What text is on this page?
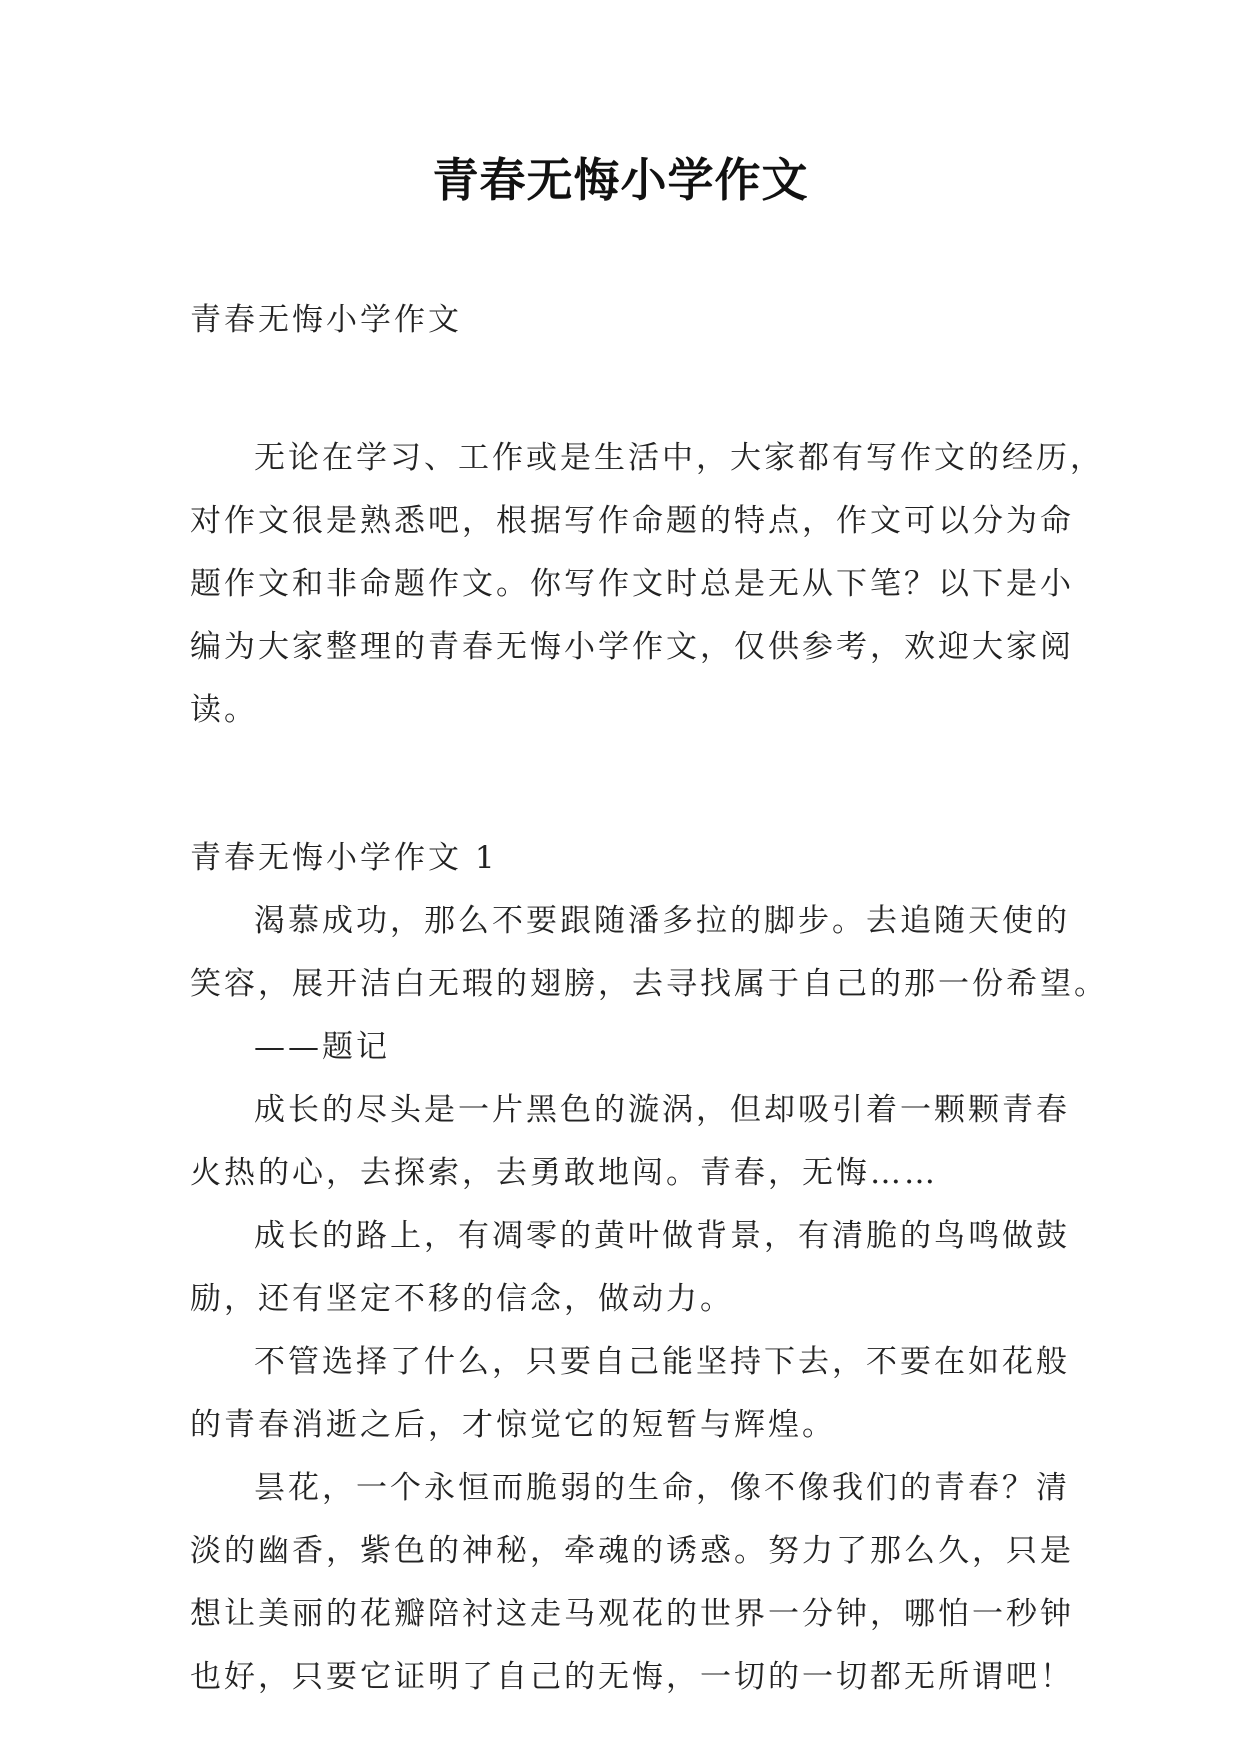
青春无悔小学作文
青春无悔小学作文
无论在学习、工作或是生活中，大家都有写作文的经历，
对作文很是熟悉吧，根据写作命题的特点，作文可以分为命
题作文和非命题作文。你写作文时总是无从下笔？以下是小
编为大家整理的青春无悔小学作文，仅供参考，欢迎大家阅
读。
青春无悔小学作文 1
渴慕成功，那么不要跟随潘多拉的脚步。去追随天使的
笑容，展开洁白无瑕的翅膀，去寻找属于自己的那一份希望。
——题记
成长的尽头是一片黑色的漩涡，但却吸引着一颗颗青春
火热的心，去探索，去勇敢地闯。青春，无悔……
成长的路上，有凋零的黄叶做背景，有清脆的鸟鸣做鼓
励，还有坚定不移的信念，做动力。
不管选择了什么，只要自己能坚持下去，不要在如花般
的青春消逝之后，才惊觉它的短暂与辉煌。
昙花，一个永恒而脆弱的生命，像不像我们的青春？清
淡的幽香，紫色的神秘，牵魂的诱惑。努力了那么久，只是
想让美丽的花瓣陪衬这走马观花的世界一分钟，哪怕一秒钟
也好，只要它证明了自己的无悔，一切的一切都无所谓吧！
